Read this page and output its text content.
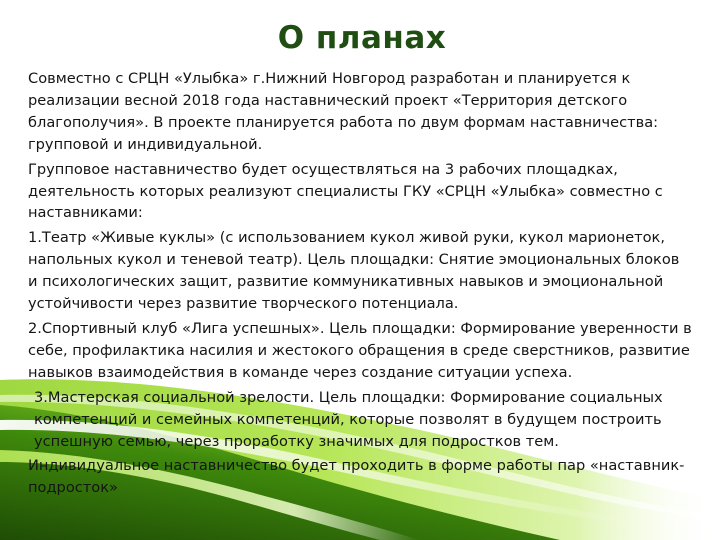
О планах

Совместно с СРЦН «Улыбка» г.Нижний Новгород разработан и планируется к реализации весной 2018 года наставнический проект «Территория детского благополучия». В проекте планируется работа по двум формам наставничества: групповой и индивидуальной.

Групповое наставничество будет осуществляться на 3 рабочих площадках, деятельность которых реализуют специалисты ГКУ «СРЦН «Улыбка» совместно с наставниками:

1.Театр «Живые куклы» (с использованием кукол живой руки, кукол марионеток, напольных кукол и теневой театр). Цель площадки: Снятие эмоциональных блоков и психологических защит, развитие коммуникативных навыков и эмоциональной устойчивости через развитие творческого потенциала.

2.Спортивный клуб «Лига успешных». Цель площадки: Формирование уверенности в себе, профилактика насилия и жестокого обращения в среде сверстников, развитие навыков взаимодействия в команде через создание ситуации успеха.

3.Мастерская социальной зрелости. Цель площадки: Формирование социальных компетенций и семейных компетенций, которые позволят в будущем построить успешную семью, через проработку значимых для подростков тем.

Индивидуальное наставничество будет проходить в форме работы пар «наставник-подросток»
